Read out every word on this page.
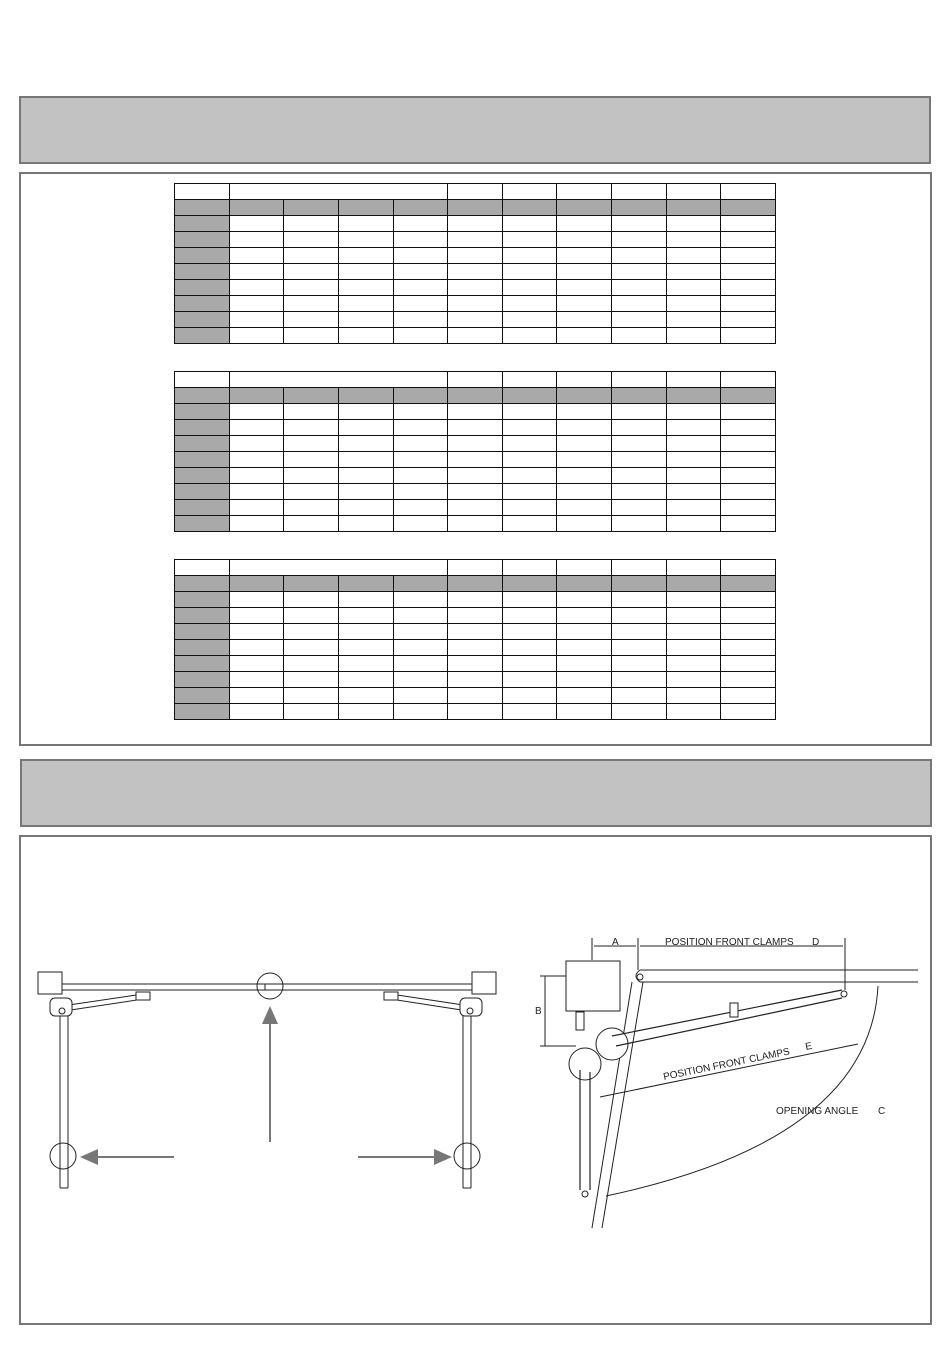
A	POSITION FRONT CLAMPS D
B
POSITION FRONT CLAMPS E
OPENING ANGLE C
